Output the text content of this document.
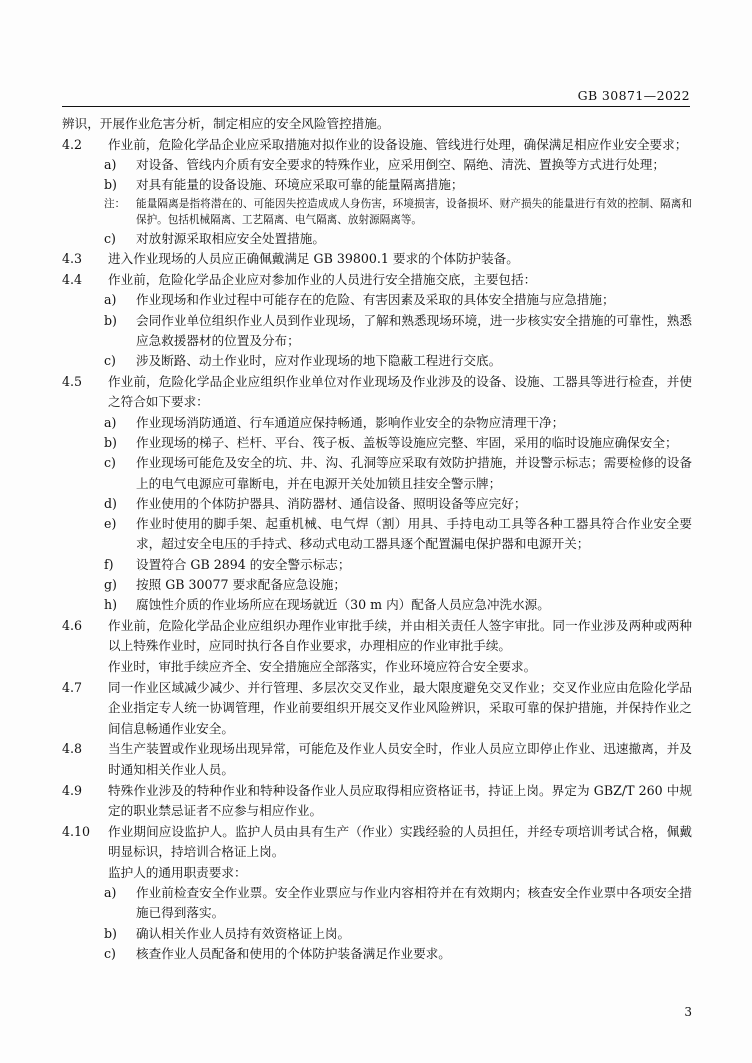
GB 30871—2022

辨识，开展作业危害分析，制定相应的安全风险管控措施。

4.2	作业前，危险化学品企业应采取措施对拟作业的设备设施、管线进行处理，确保满足相应作业安全要求；
a)	对设备、管线内介质有安全要求的特殊作业，应采用倒空、隔绝、清洗、置换等方式进行处理；
b)	对具有能量的设备设施、环境应采取可靠的能量隔离措施；
注：	能量隔离是指将潜在的、可能因失控造成成人身伤害，环境损害，设备损坏、财产损失的能量进行有效的控制、隔离和保护。包括机械隔离、工艺隔离、电气隔离、放射源隔离等。
c)	对放射源采取相应安全处置措施。
4.3	进入作业现场的人员应正确佩戴满足 GB 39800.1 要求的个体防护装备。
4.4	作业前，危险化学品企业应对参加作业的人员进行安全措施交底，主要包括：
a)	作业现场和作业过程中可能存在的危险、有害因素及采取的具体安全措施与应急措施；
b)	会同作业单位组织作业人员到作业现场，了解和熟悉现场环境，进一步核实安全措施的可靠性，熟悉应急救援器材的位置及分布；
c)	涉及断路、动土作业时，应对作业现场的地下隐蔽工程进行交底。
4.5	作业前，危险化学品企业应组织作业单位对作业现场及作业涉及的设备、设施、工器具等进行检查，并使之符合如下要求：
a)	作业现场消防通道、行车通道应保持畅通，影响作业安全的杂物应清理干净；
b)	作业现场的梯子、栏杆、平台、筏子板、盖板等设施应完整、牢固，采用的临时设施应确保安全；
c)	作业现场可能危及安全的坑、井、沟、孔洞等应采取有效防护措施，并设警示标志；需要检修的设备上的电气电源应可靠断电，并在电源开关处加锁且挂安全警示牌；
d)	作业使用的个体防护器具、消防器材、通信设备、照明设备等应完好；
e)	作业时使用的脚手架、起重机械、电气焊（割）用具、手持电动工具等各种工器具符合作业安全要求，超过安全电压的手持式、移动式电动工器具逐个配置漏电保护器和电源开关；
f)	设置符合 GB 2894 的安全警示标志；
g)	按照 GB 30077 要求配备应急设施；
h)	腐蚀性介质的作业场所应在现场就近（30 m 内）配备人员应急冲洗水源。
4.6	作业前，危险化学品企业应组织办理作业审批手续，并由相关责任人签字审批。同一作业涉及两种或两种以上特殊作业时，应同时执行各自作业要求，办理相应的作业审批手续。
作业时，审批手续应齐全、安全措施应全部落实，作业环境应符合安全要求。
4.7	同一作业区域减少减少、并行管理、多层次交叉作业，最大限度避免交叉作业；交叉作业应由危险化学品企业指定专人统一协调管理，作业前要组织开展交叉作业风险辨识，采取可靠的保护措施，并保持作业之间信息畅通作业安全。
4.8	当生产装置或作业现场出现异常，可能危及作业人员安全时，作业人员应立即停止作业、迅速撤离，并及时通知相关作业人员。
4.9	特殊作业涉及的特种作业和特种设备作业人员应取得相应资格证书，持证上岗。界定为 GBZ/T 260 中规定的职业禁忌证者不应参与相应作业。
4.10	作业期间应设监护人。监护人员由具有生产（作业）实践经验的人员担任，并经专项培训考试合格，佩戴明显标识，持培训合格证上岗。
监护人的通用职责要求：
a)	作业前检查安全作业票。安全作业票应与作业内容相符并在有效期内；核查安全作业票中各项安全措施已得到落实。
b)	确认相关作业人员持有效资格证上岗。
c)	核查作业人员配备和使用的个体防护装备满足作业要求。
3
